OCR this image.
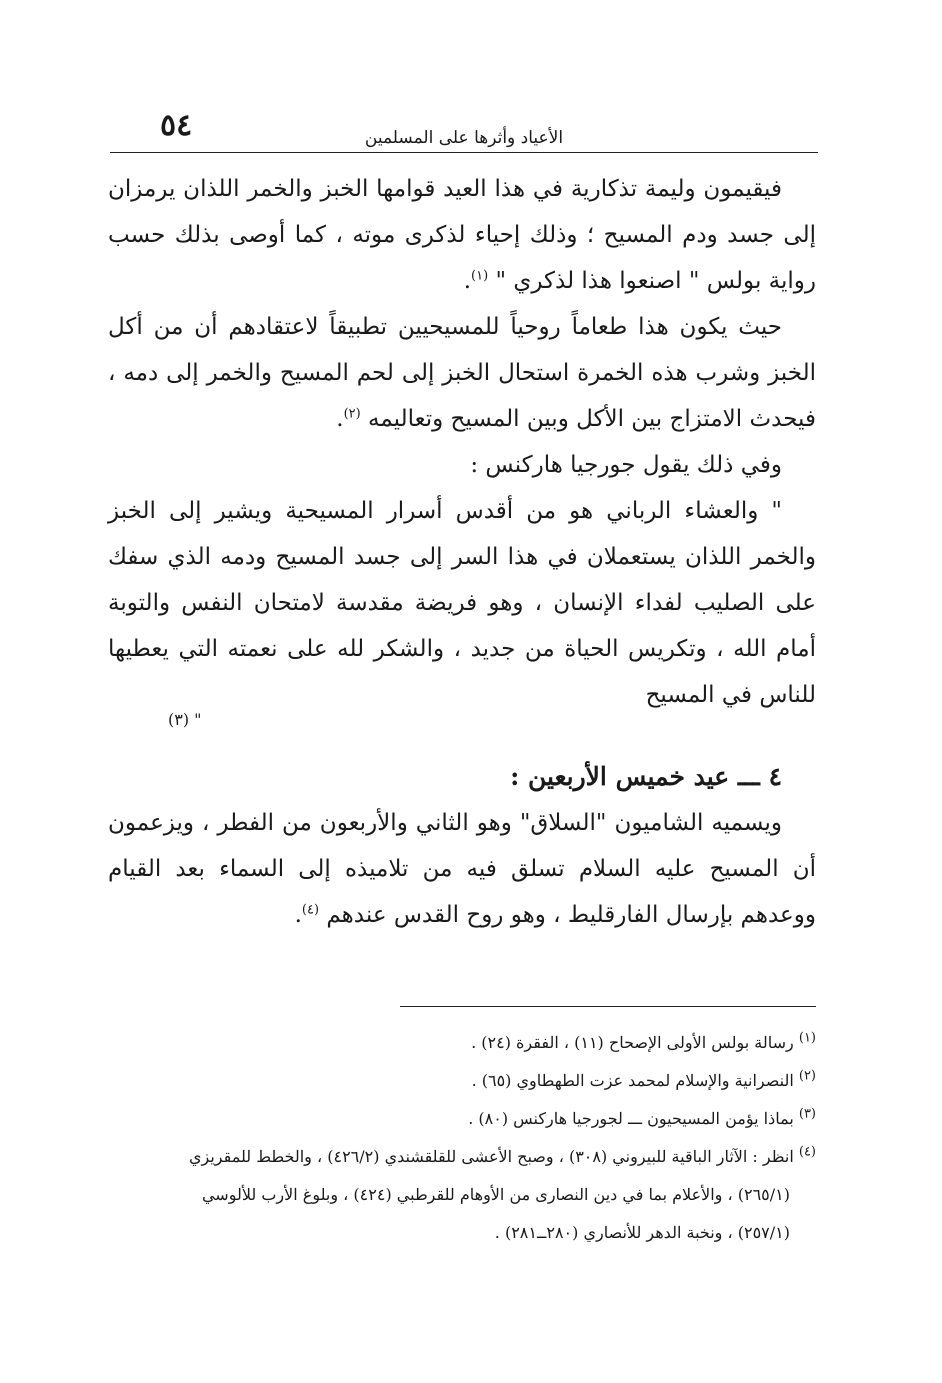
٥٤	الأعياد وأثرها على المسلمين

فيقيمون وليمة تذكارية في هذا العيد قوامها الخبز والخمر اللذان يرمزان إلى جسد ودم المسيح ؛ وذلك إحياء لذكرى موته ، كما أوصى بذلك حسب رواية بولس " اصنعوا هذا لذكري " $^{(١)}$.

حيث يكون هذا طعاماً روحياً للمسيحيين تطبيقاً لاعتقادهم أن من أكل الخبز وشرب هذه الخمرة استحال الخبز إلى لحم المسيح والخمر إلى دمه ، فيحدث الامتزاج بين الأكل وبين المسيح وتعاليمه $^{(٢)}$.

وفي ذلك يقول جورجيا هاركنس :

" والعشاء الرباني هو من أقدس أسرار المسيحية ويشير إلى الخبز والخمر اللذان يستعملان في هذا السر إلى جسد المسيح ودمه الذي سفك على الصليب لفداء الإنسان ، وهو فريضة مقدسة لامتحان النفس والتوبة أمام الله ، وتكريس الحياة من جديد ، والشكر لله على نعمته التي يعطيها للناس في المسيح
" (٣)

٤ ـــ عيد خميس الأربعين :

ويسميه الشاميون "السلاق" وهو الثاني والأربعون من الفطر ، ويزعمون أن المسيح عليه السلام تسلق فيه من تلاميذه إلى السماء بعد القيام ووعدهم بإرسال الفارقليط ، وهو روح القدس عندهم $^{(٤)}$.

$^{(١)}$ رسالة بولس الأولى الإصحاح (١١) ، الفقرة (٢٤) .

$^{(٢)}$ النصرانية والإسلام لمحمد عزت الطهطاوي (٦٥) .

$^{(٣)}$ بماذا يؤمن المسيحيون ـــ لجورجيا هاركنس (٨٠) .

$^{(٤)}$ انظر : الآثار الباقية للبيروني (٣٠٨) ، وصبح الأعشى للقلقشندي (٤٢٦/٢) ، والخطط للمقريزي

(٢٦٥/١) ، والأعلام بما في دين النصارى من الأوهام للقرطبي (٤٢٤) ، وبلوغ الأرب للألوسي

(٢٥٧/١) ، ونخبة الدهر للأنصاري (٢٨٠ــ٢٨١) .
